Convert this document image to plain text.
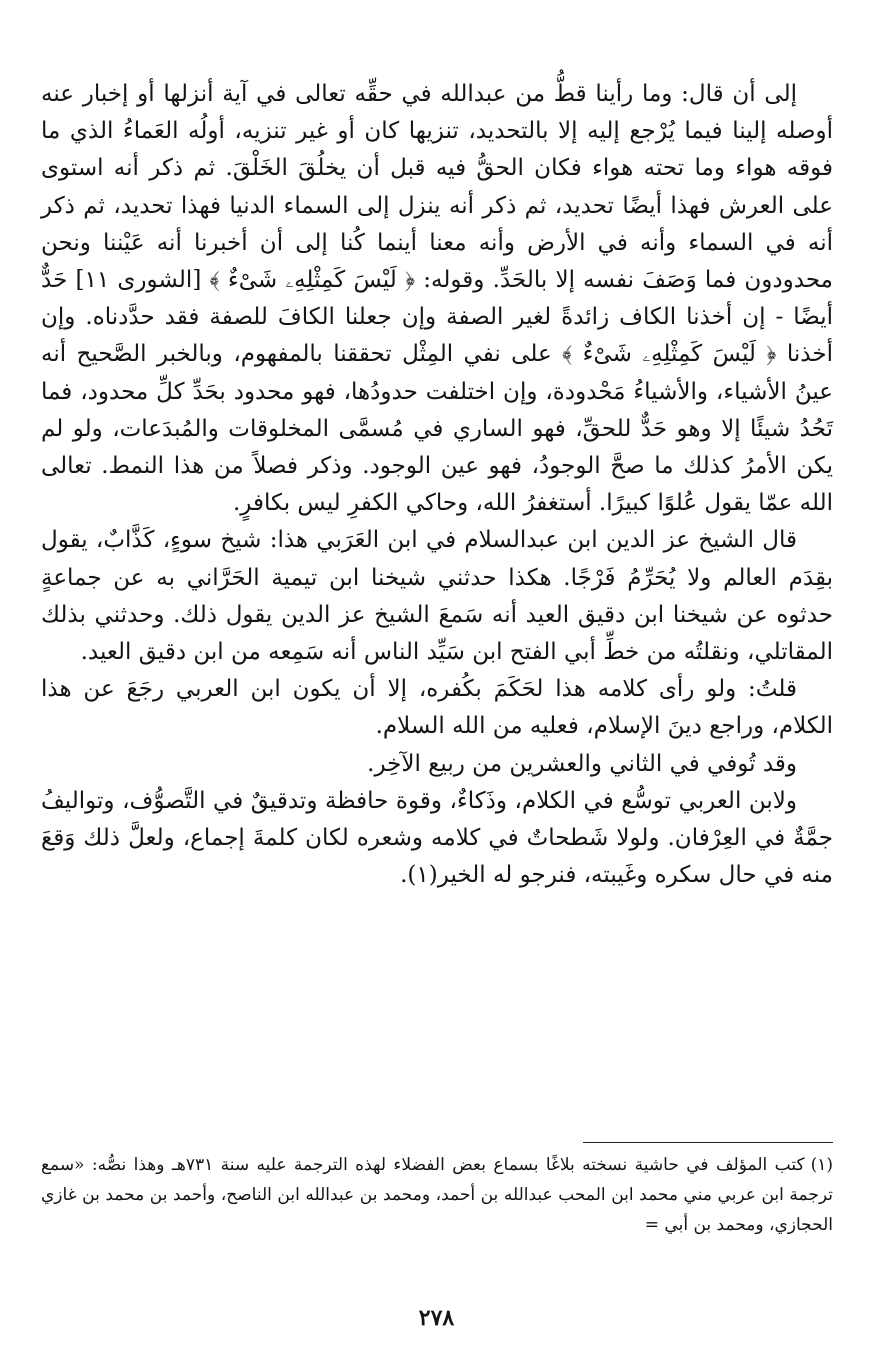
إلى أن قال: وما رأينا قطُّ من عبدالله في حقِّه تعالى في آية أنزلها أو إخبار عنه أوصله إلينا فيما يُرْجع إليه إلا بالتحديد، تنزيها كان أو غير تنزيه، أولُه العَماءُ الذي ما فوقه هواء وما تحته هواء فكان الحقُّ فيه قبل أن يخلُقَ الخَلْقَ. ثم ذكر أنه استوى على العرش فهذا أيضًا تحديد، ثم ذكر أنه ينزل إلى السماء الدنيا فهذا تحديد، ثم ذكر أنه في السماء وأنه في الأرض وأنه معنا أينما كُنا إلى أن أخبرنا أنه عَيْننا ونحن محدودون فما وَصَفَ نفسه إلا بالحَدِّ. وقوله: ﴿ لَيْسَ كَمِثْلِهِۦ شَىْءٌ ﴾ [الشورى ١١] حَدٌّ أيضًا - إن أخذنا الكاف زائدةً لغير الصفة وإن جعلنا الكافَ للصفة فقد حدَّدناه. وإن أخذنا ﴿ لَيْسَ كَمِثْلِهِۦ شَىْءٌ ﴾ على نفي المِثْل تحققنا بالمفهوم، وبالخبر الصَّحيح أنه عينُ الأشياء، والأشياءُ مَحْدودة، وإن اختلفت حدودُها، فهو محدود بحَدِّ كلِّ محدود، فما تَحُدُ شيئًا إلا وهو حَدٌّ للحقِّ، فهو الساري في مُسمَّى المخلوقات والمُبدَعات، ولو لم يكن الأمرُ كذلك ما صحَّ الوجودُ، فهو عين الوجود. وذكر فصلاً من هذا النمط. تعالى الله عمّا يقول عُلوًا كبيرًا. أستغفرُ الله، وحاكي الكفرِ ليس بكافرٍ.

قال الشيخ عز الدين ابن عبدالسلام في ابن العَرَبي هذا: شيخ سوءٍ، كَذَّابٌ، يقول بقِدَم العالم ولا يُحَرِّمُ فَرْجًا. هكذا حدثني شيخنا ابن تيمية الحَرَّاني به عن جماعةٍ حدثوه عن شيخنا ابن دقيق العيد أنه سَمعَ الشيخ عز الدين يقول ذلك. وحدثني بذلك المقاتلي، ونقلتُه من خطِّ أبي الفتح ابن سَيِّد الناس أنه سَمِعه من ابن دقيق العيد.

قلتُ: ولو رأى كلامه هذا لحَكَمَ بكُفره، إلا أن يكون ابن العربي رجَعَ عن هذا الكلام، وراجع دينَ الإسلام، فعليه من الله السلام.

وقد تُوفي في الثاني والعشرين من ربيع الآخِر.

ولابن العربي توسُّع في الكلام، وذَكاءٌ، وقوة حافظة وتدقيقٌ في التَّصوُّف، وتواليفُ جمَّةٌ في العِرْفان. ولولا شَطحاتٌ في كلامه وشعره لكان كلمةَ إجماع، ولعلَّ ذلك وَقعَ منه في حال سكره وغَيبته، فنرجو له الخير(١).

(١)كتب المؤلف في حاشية نسخته بلاغًا بسماع بعض الفضلاء لهذه الترجمة عليه سنة ٧٣١هـ وهذا نصُّه: «سمع ترجمة ابن عربي مني محمد ابن المحب عبدالله بن أحمد، ومحمد بن عبدالله ابن الناصح، وأحمد بن محمد بن غازي الحجازي، ومحمد بن أبي =
٢٧٨
